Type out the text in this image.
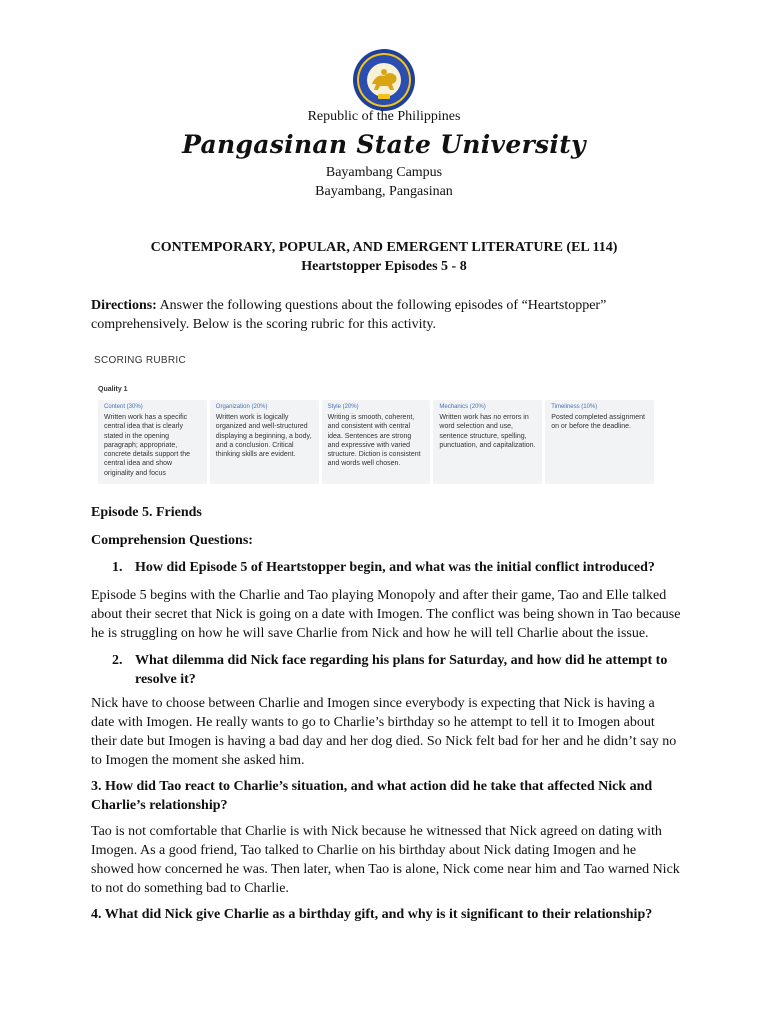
Republic of the Philippines
Pangasinan State University
Bayambang Campus
Bayambang, Pangasinan
CONTEMPORARY, POPULAR, AND EMERGENT LITERATURE (EL 114)
Heartstopper Episodes 5 - 8
Directions: Answer the following questions about the following episodes of “Heartstopper” comprehensively. Below is the scoring rubric for this activity.
SCORING RUBRIC
Quality 1
Content (30%)
Written work has a specific central idea that is clearly stated in the opening paragraph; appropriate, concrete details support the central idea and show originality and focus
Organization (20%)
Written work is logically organized and well-structured displaying a beginning, a body, and a conclusion. Critical thinking skills are evident.
Style (20%)
Writing is smooth, coherent, and consistent with central idea. Sentences are strong and expressive with varied structure. Diction is consistent and words well chosen.
Mechanics (20%)
Written work has no errors in word selection and use, sentence structure, spelling, punctuation, and capitalization.
Timeliness (10%)
Posted completed assignment on or before the deadline.
Episode 5. Friends
Comprehension Questions:
1. How did Episode 5 of Heartstopper begin, and what was the initial conflict introduced?
Episode 5 begins with the Charlie and Tao playing Monopoly and after their game, Tao and Elle talked about their secret that Nick is going on a date with Imogen. The conflict was being shown in Tao because he is struggling on how he will save Charlie from Nick and how he will tell Charlie about the issue.
2. What dilemma did Nick face regarding his plans for Saturday, and how did he attempt to resolve it?
Nick have to choose between Charlie and Imogen since everybody is expecting that Nick is having a date with Imogen. He really wants to go to Charlie’s birthday so he attempt to tell it to Imogen about their date but Imogen is having a bad day and her dog died. So Nick felt bad for her and he didn’t say no to Imogen the moment she asked him.
3. How did Tao react to Charlie’s situation, and what action did he take that affected Nick and Charlie’s relationship?
Tao is not comfortable that Charlie is with Nick because he witnessed that Nick agreed on dating with Imogen. As a good friend, Tao talked to Charlie on his birthday about Nick dating Imogen and he showed how concerned he was. Then later, when Tao is alone, Nick come near him and Tao warned Nick to not do something bad to Charlie.
4. What did Nick give Charlie as a birthday gift, and why is it significant to their relationship?
